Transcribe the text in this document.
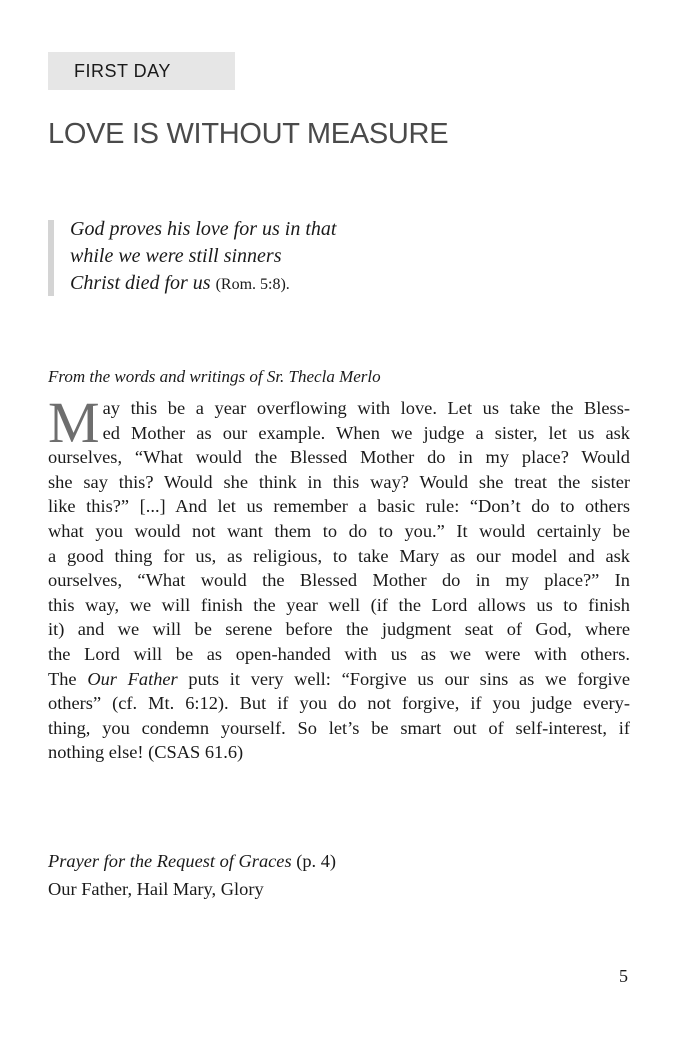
FIRST DAY
LOVE IS WITHOUT MEASURE
God proves his love for us in that
while we were still sinners
Christ died for us (Rom. 5:8).
From the words and writings of Sr. Thecla Merlo
M ay this be a year overflowing with love. Let us take the Bless-
ed Mother as our example. When we judge a sister, let us ask
ourselves, “What would the Blessed Mother do in my place? Would
she say this? Would she think in this way? Would she treat the sister
like this?” [...] And let us remember a basic rule: “Don’t do to others
what you would not want them to do to you.” It would certainly be
a good thing for us, as religious, to take Mary as our model and ask
ourselves, “What would the Blessed Mother do in my place?” In
this way, we will finish the year well (if the Lord allows us to finish
it) and we will be serene before the judgment seat of God, where
the Lord will be as open-handed with us as we were with others.
The Our Father puts it very well: “Forgive us our sins as we forgive
others” (cf. Mt. 6:12). But if you do not forgive, if you judge every-
thing, you condemn yourself. So let’s be smart out of self-interest, if
nothing else! (CSAS 61.6)
Prayer for the Request of Graces (p. 4)
Our Father, Hail Mary, Glory
5
